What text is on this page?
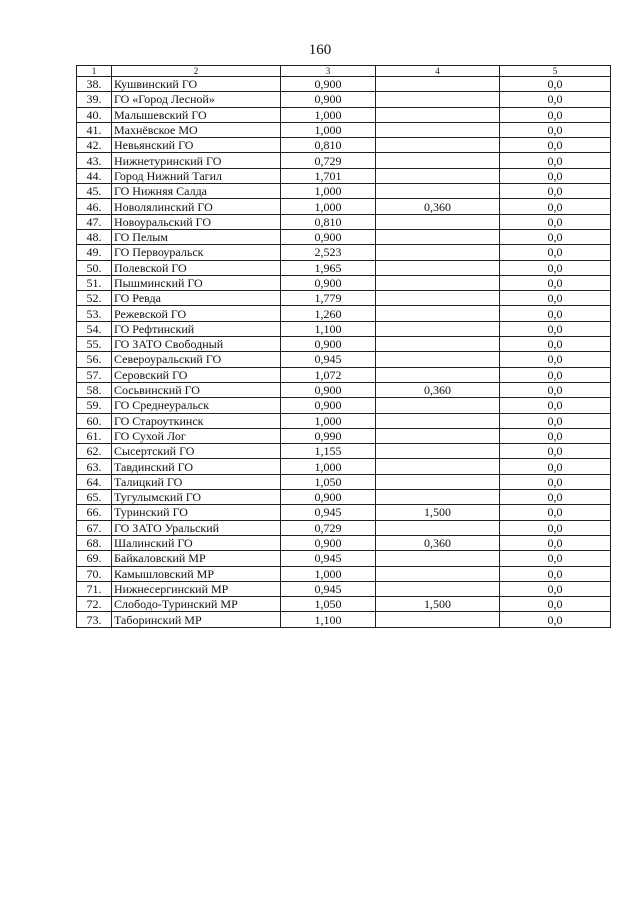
160
1	2	3	4	5
38.	Кушвинский ГО	0,900		0,0
39.	ГО «Город Лесной»	0,900		0,0
40.	Малышевский ГО	1,000		0,0
41.	Махнёвское МО	1,000		0,0
42.	Невьянский ГО	0,810		0,0
43.	Нижнетуринский ГО	0,729		0,0
44.	Город Нижний Тагил	1,701		0,0
45.	ГО Нижняя Салда	1,000		0,0
46.	Новолялинский ГО	1,000	0,360	0,0
47.	Новоуральский ГО	0,810		0,0
48.	ГО Пелым	0,900		0,0
49.	ГО Первоуральск	2,523		0,0
50.	Полевской ГО	1,965		0,0
51.	Пышминский ГО	0,900		0,0
52.	ГО Ревда	1,779		0,0
53.	Режевской ГО	1,260		0,0
54.	ГО Рефтинский	1,100		0,0
55.	ГО ЗАТО Свободный	0,900		0,0
56.	Североуральский ГО	0,945		0,0
57.	Серовский ГО	1,072		0,0
58.	Сосьвинский ГО	0,900	0,360	0,0
59.	ГО Среднеуральск	0,900		0,0
60.	ГО Староуткинск	1,000		0,0
61.	ГО Сухой Лог	0,990		0,0
62.	Сысертский ГО	1,155		0,0
63.	Тавдинский ГО	1,000		0,0
64.	Талицкий ГО	1,050		0,0
65.	Тугулымский ГО	0,900		0,0
66.	Туринский ГО	0,945	1,500	0,0
67.	ГО ЗАТО Уральский	0,729		0,0
68.	Шалинский ГО	0,900	0,360	0,0
69.	Байкаловский МР	0,945		0,0
70.	Камышловский МР	1,000		0,0
71.	Нижнесергинский МР	0,945		0,0
72.	Слободо-Туринский МР	1,050	1,500	0,0
73.	Таборинский МР	1,100		0,0
